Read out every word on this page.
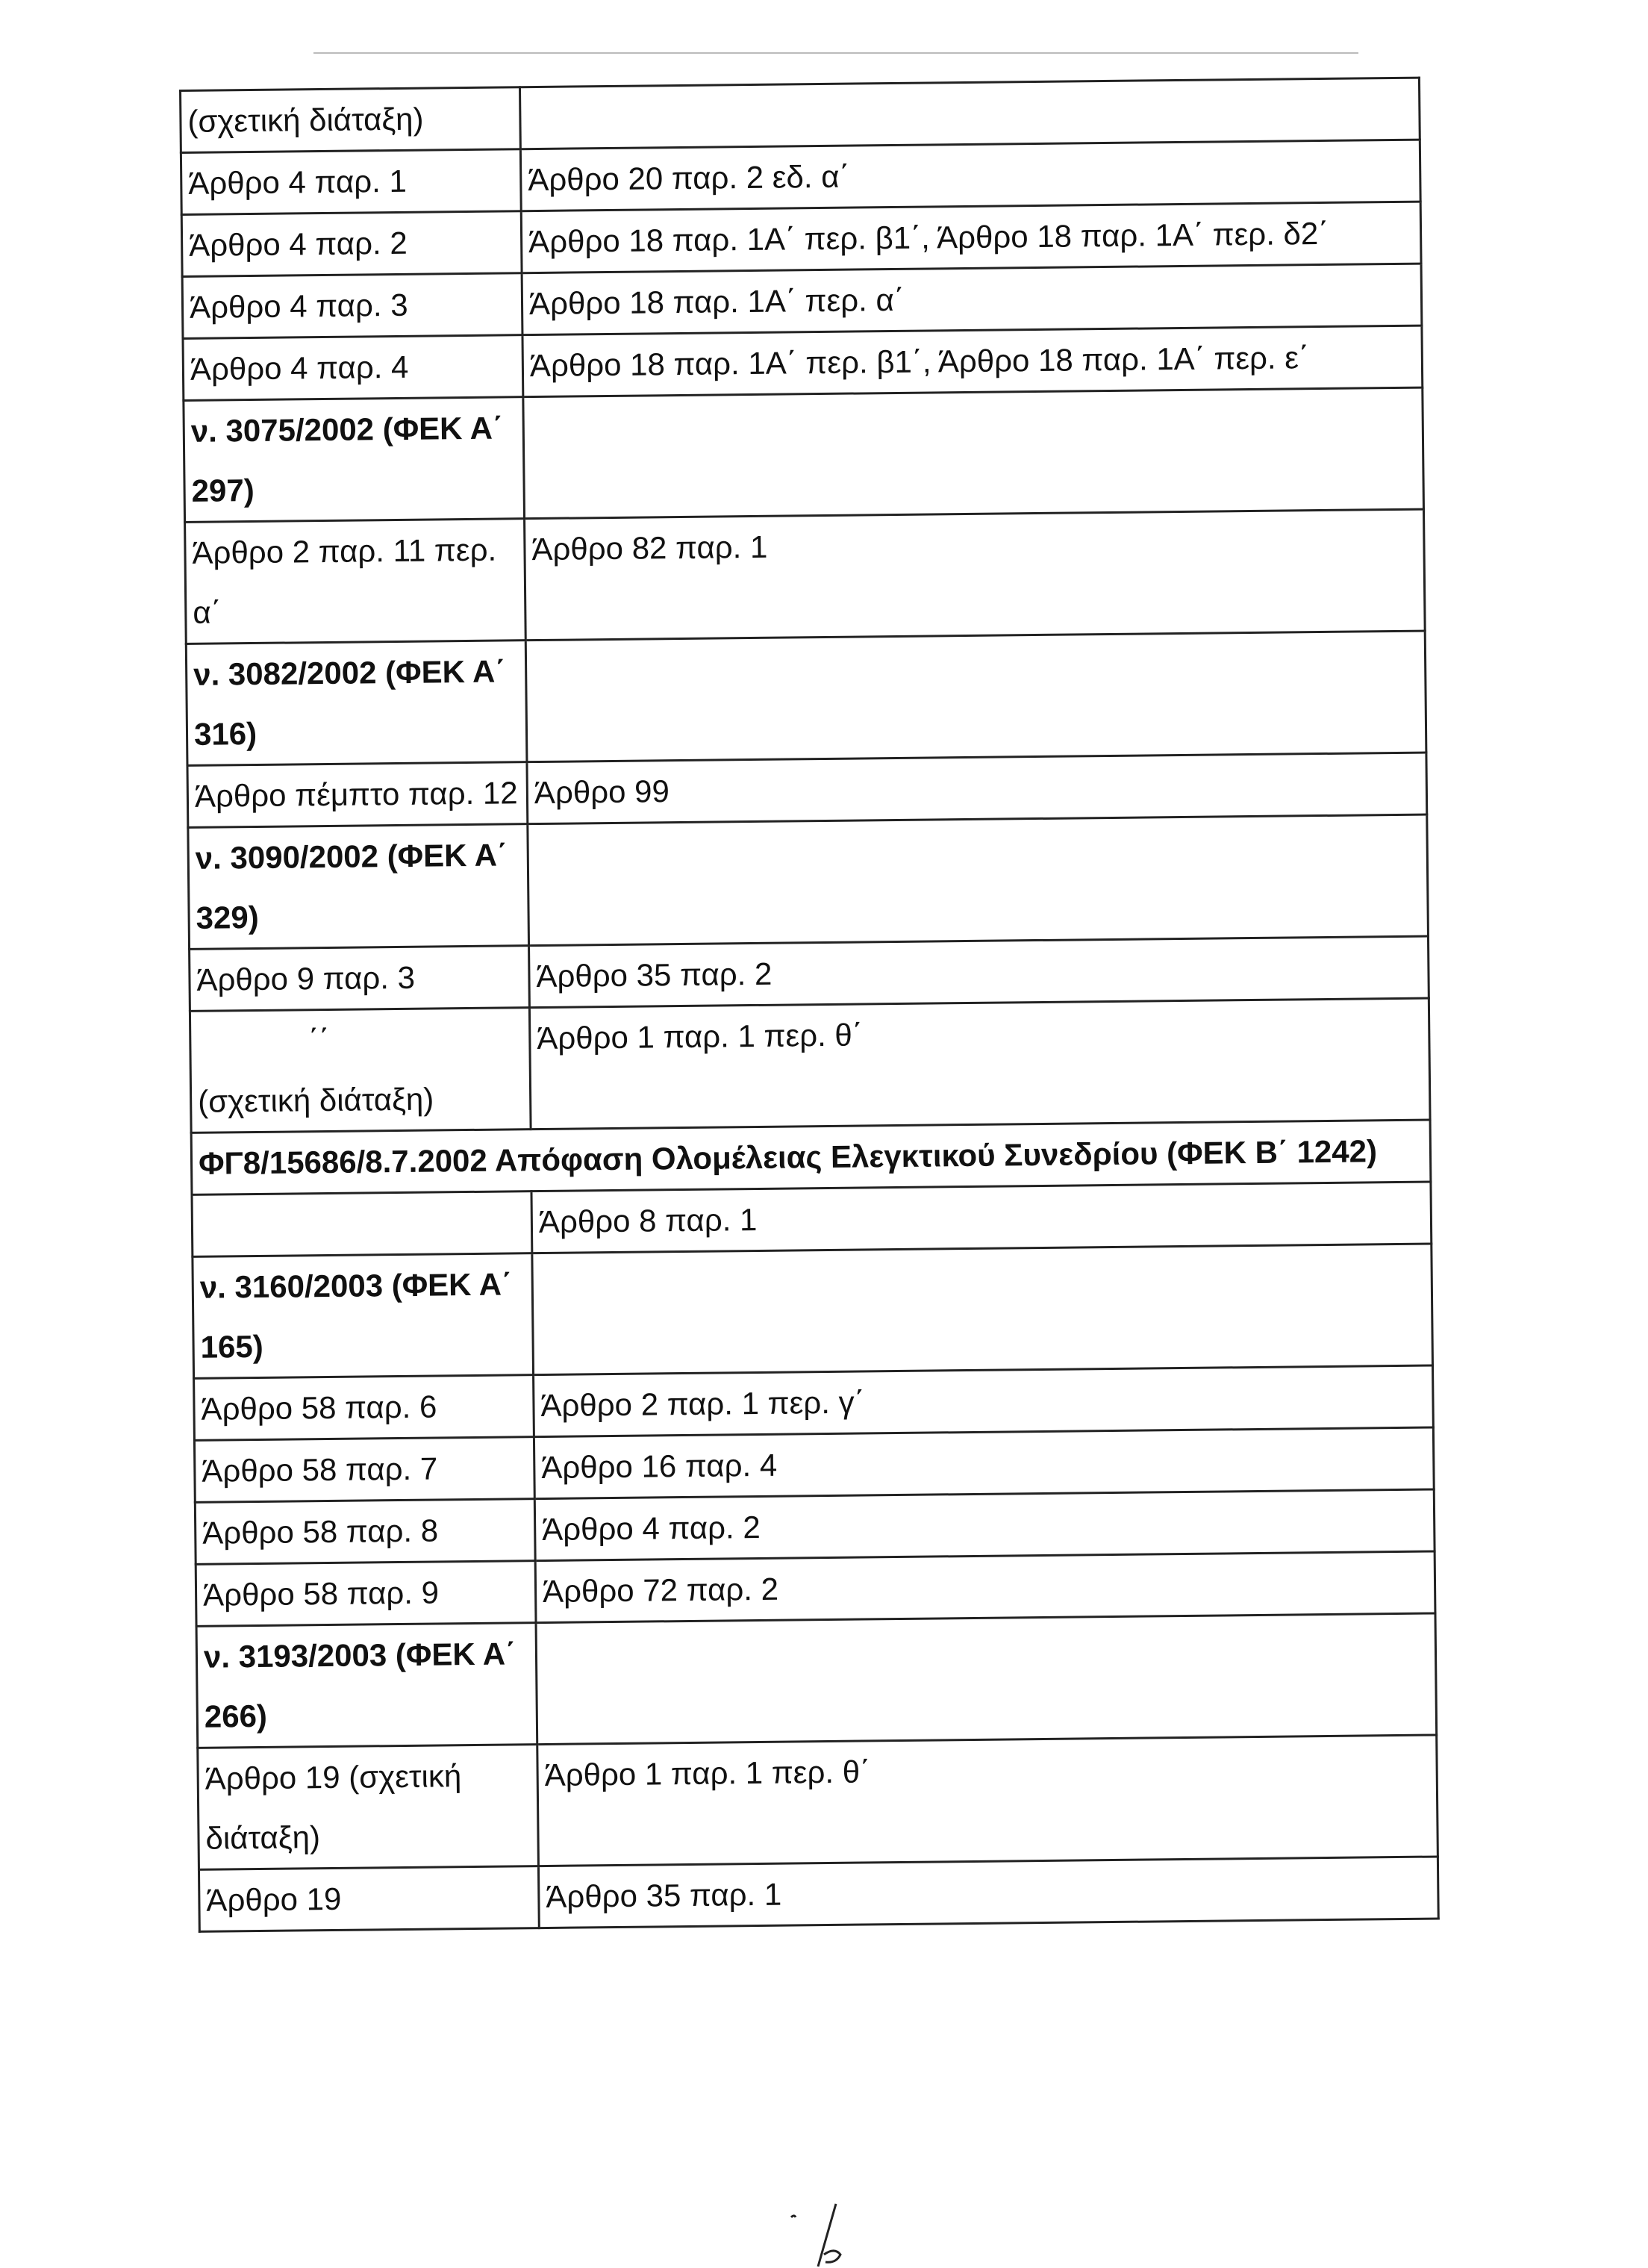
(σχετική διάταξη)	
Άρθρο 4 παρ. 1	Άρθρο 20 παρ. 2 εδ. α΄
Άρθρο 4 παρ. 2	Άρθρο 18 παρ. 1Α΄ περ. β1΄, Άρθρο 18 παρ. 1Α΄ περ. δ2΄
Άρθρο 4 παρ. 3	Άρθρο 18 παρ. 1Α΄ περ. α΄
Άρθρο 4 παρ. 4	Άρθρο 18 παρ. 1Α΄ περ. β1΄, Άρθρο 18 παρ. 1Α΄ περ. ε΄
ν. 3075/2002 (ΦΕΚ Α΄ 297)	
Άρθρο 2 παρ. 11 περ. α΄	Άρθρο 82 παρ. 1
ν. 3082/2002 (ΦΕΚ Α΄ 316)	
Άρθρο πέμπτο παρ. 12	Άρθρο 99
ν. 3090/2002 (ΦΕΚ Α΄ 329)	
Άρθρο 9 παρ. 3	Άρθρο 35 παρ. 2

΄΄
(σχετική διάταξη)	Άρθρο 1 παρ. 1 περ. θ΄
ΦΓ8/15686/8.7.2002 Απόφαση Ολομέλειας Ελεγκτικού Συνεδρίου (ΦΕΚ Β΄ 1242)	
	Άρθρο 8 παρ. 1
ν. 3160/2003 (ΦΕΚ Α΄ 165)	
Άρθρο 58 παρ. 6	Άρθρο 2 παρ. 1 περ. γ΄
Άρθρο 58 παρ. 7	Άρθρο 16 παρ. 4
Άρθρο 58 παρ. 8	Άρθρο 4 παρ. 2
Άρθρο 58 παρ. 9	Άρθρο 72 παρ. 2
ν. 3193/2003 (ΦΕΚ Α΄ 266)	
Άρθρο 19 (σχετική διάταξη)	Άρθρο 1 παρ. 1 περ. θ΄
Άρθρο 19	Άρθρο 35 παρ. 1
